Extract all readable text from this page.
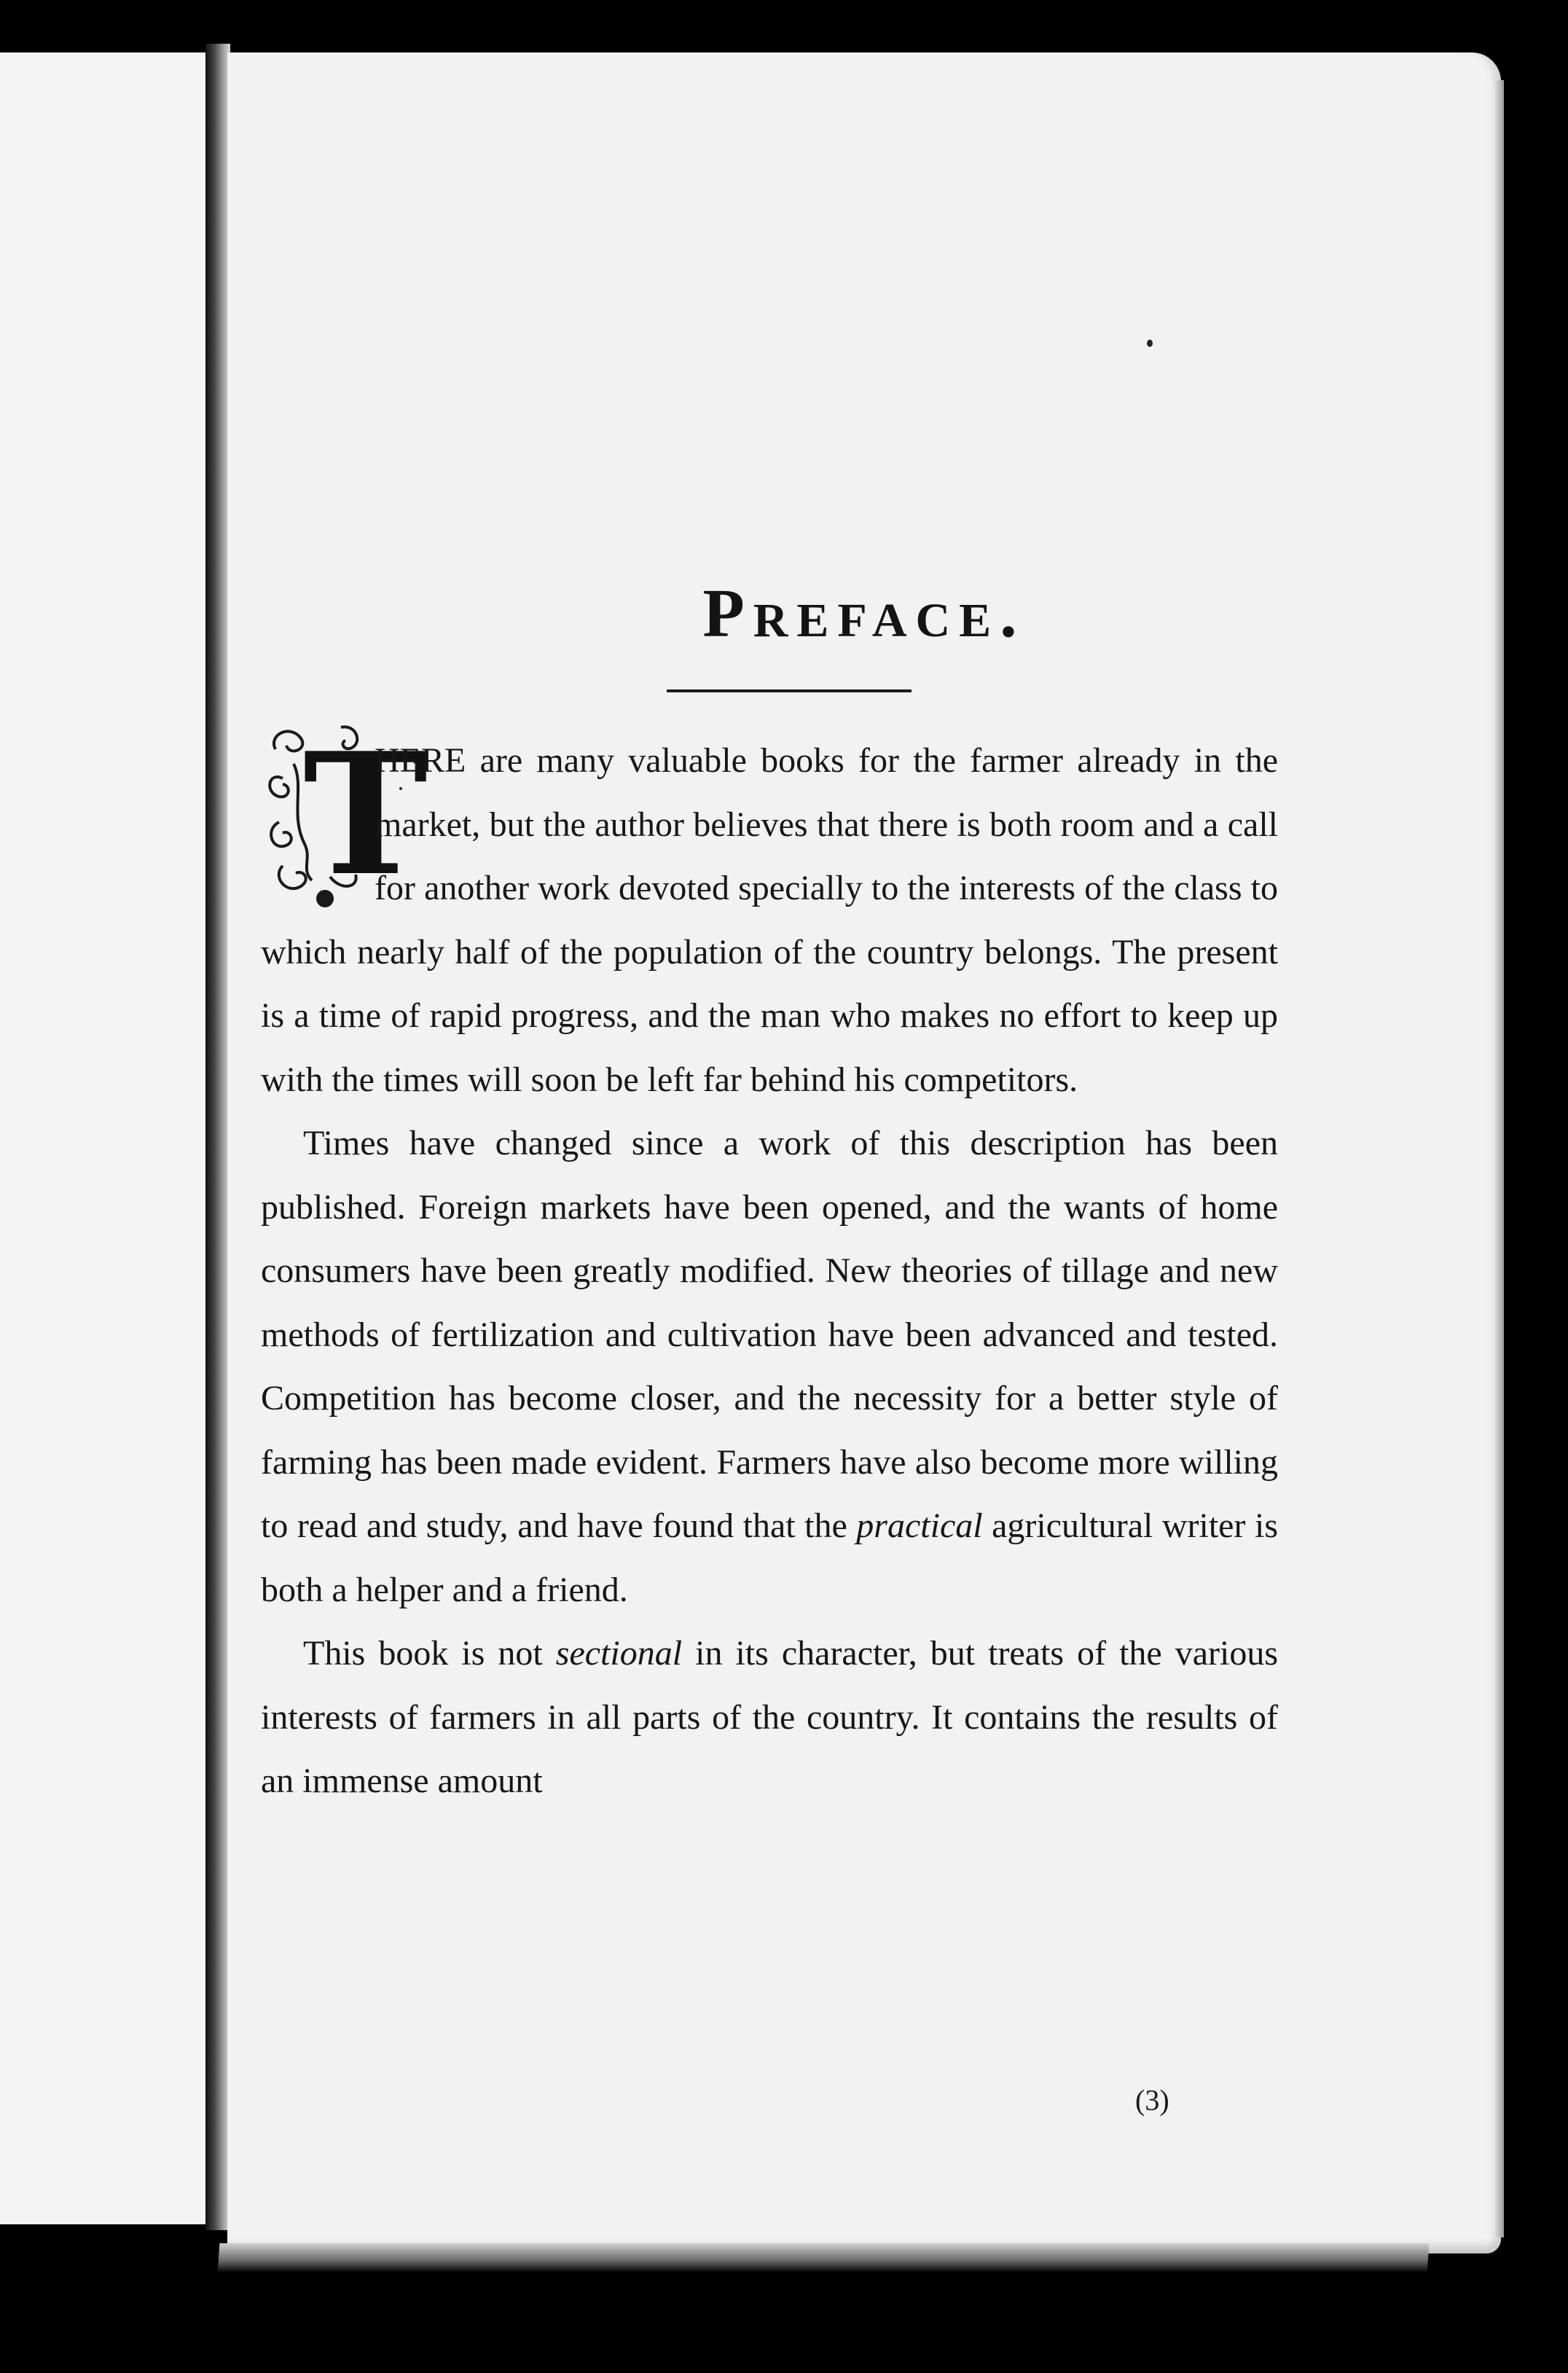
Preface.

T
HERE are many valuable books for the farmer already in the market, but the author believes that there is both room and a call for another work devoted specially to the interests of the class to which nearly half of the population of the country belongs. The present is a time of rapid progress, and the man who makes no effort to keep up with the times will soon be left far behind his competitors.

Times have changed since a work of this description has been published. Foreign markets have been opened, and the wants of home consumers have been greatly modified. New theories of tillage and new methods of fertilization and cultivation have been advanced and tested. Competition has become closer, and the necessity for a better style of farming has been made evident. Farmers have also become more willing to read and study, and have found that the practical agricultural writer is both a helper and a friend.

This book is not sectional in its character, but treats of the various interests of farmers in all parts of the country. It contains the results of an immense amount

(3)
